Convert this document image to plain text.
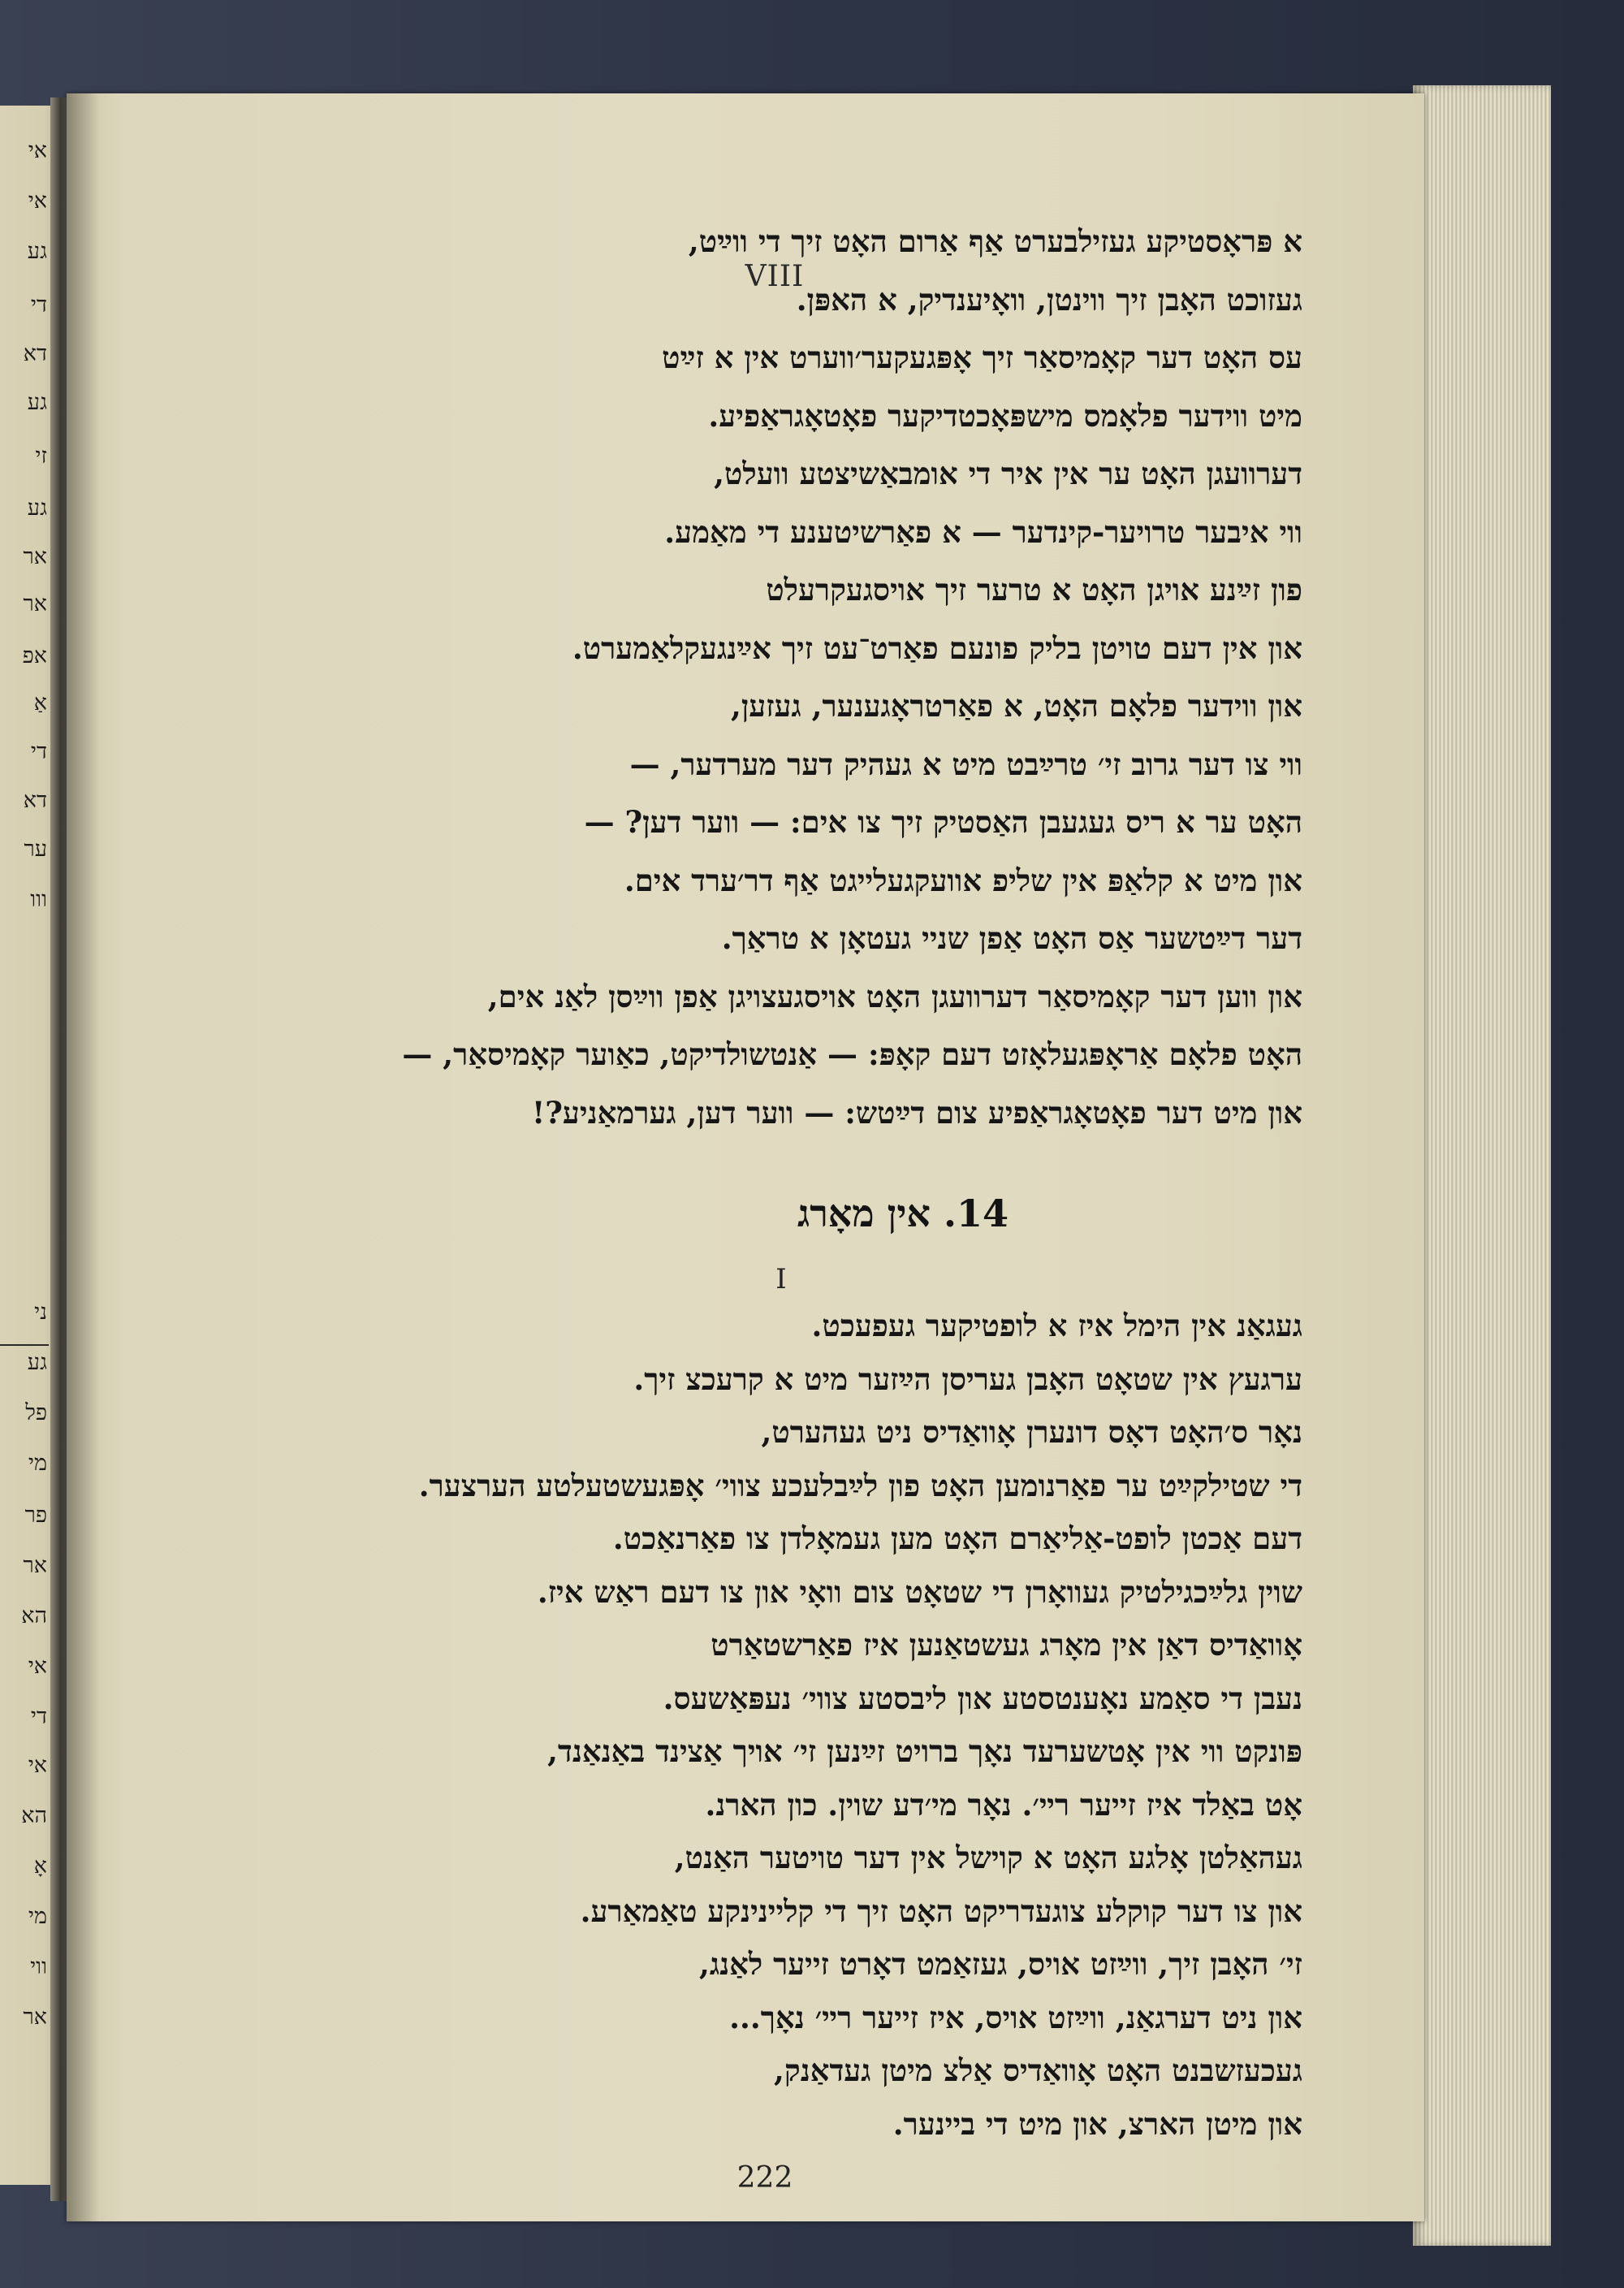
אי
אי
גע
די
דא
גע
זי
גע
אר
אר
אפ
אַ
די
דא
ער
ווו
ני
גע
פל
מי
פר
אר
הא
אי
די
אי
הא
אָ
מי
ווי
אר
VIII
א פּראָסטיקע געזילבערט אַף אַרום האָט זיך די ווײַט,
געזוכט האָבן זיך ווינטן, וואָיענדיק, א האפּן.
עס האָט דער קאָמיסאַר זיך אָפּגעקער׳ווערט אין א זײַט
מיט ווידער פלאָמס מישפּאָכטדיקער פאָטאָגראַפיע.
דערוועגן האָט ער אין איר די אומבאַשיצטע וועלט,
ווי איבער טרויער-קינדער — א פאַרשיטענע די מאַמע.
פון זײַנע אויגן האָט א טרער זיך אויסגעקרעלט
און אין דעם טויטן בליק פונעם פאַרט־עט זיך אײַנגעקלאַמערט.
און ווידער פלאָם האָט, א פאַרטראָגענער, געזען,
ווי צו דער גרוב זי׳ טרײַבט מיט א געהיק דער מערדער, —
האָט ער א ריס געגעבן האַסטיק זיך צו אים: — ווער דען? —
און מיט א קלאַפּ אין שליפ אוועקגעלייגט אַף דר׳ערד אים.
דער דײַטשער אַס האָט אַפן שניי געטאָן א טראַך.
און ווען דער קאָמיסאַר דערוועגן האָט אויסגעצויגן אַפן ווײַסן לאַנ אים,
האָט פלאָם אַראָפּגעלאָזט דעם קאָפּ: — אַנטשולדיקט, כאַוער קאָמיסאַר, —
און מיט דער פאָטאָגראַפיע צום דײַטש: — ווער דען, גערמאַניע?!
14. אין מאָרג
I
געגאַנ אין הימל איז א לופטיקער געפעכט.
ערגעץ אין שטאָט האָבן געריסן הײַזער מיט א קרעכצ זיך.
נאָר ס׳האָט דאָס דונערן אָוואַדיס ניט געהערט,
די שטילקײַט ער פאַרנומען האָט פון לײַבלעכע צווי׳ אָפּגעשטעלטע הערצער.
דעם אַכטן לופט-אַליאַרם האָט מען געמאָלדן צו פאַרנאַכט.
שוין גלײַכגילטיק געוואָרן די שטאָט צום וואָי און צו דעם ראַש איז.
אָוואַדיס דאַן אין מאָרג געשטאַנען איז פאַרשטאַרט
נעבן די סאַמע נאָענטסטע און ליבסטע צווי׳ נעפּאַשעס.
פּונקט ווי אין אָטשערעד נאָך ברויט זײַנען זי׳ אויך אַצינד באַנאַנד,
אָט באַלד איז זייער רײ׳. נאָר מי׳דע שוין. כון הארנ.
געהאַלטן אָלגע האָט א קוישל אין דער טויטער האַנט,
און צו דער קוקלע צוגעדריקט האָט זיך די קליינינקע טאַמאַרע.
זי׳ האָבן זיך, ווײַזט אויס, געזאַמט דאָרט זייער לאַנג,
און ניט דערגאַנ, ווײַזט אויס, איז זייער רײ׳ נאָך...
געכעזשבנט האָט אָוואַדיס אַלצ מיטן געדאַנק,
און מיטן הארצ, און מיט די ביינער.
222
